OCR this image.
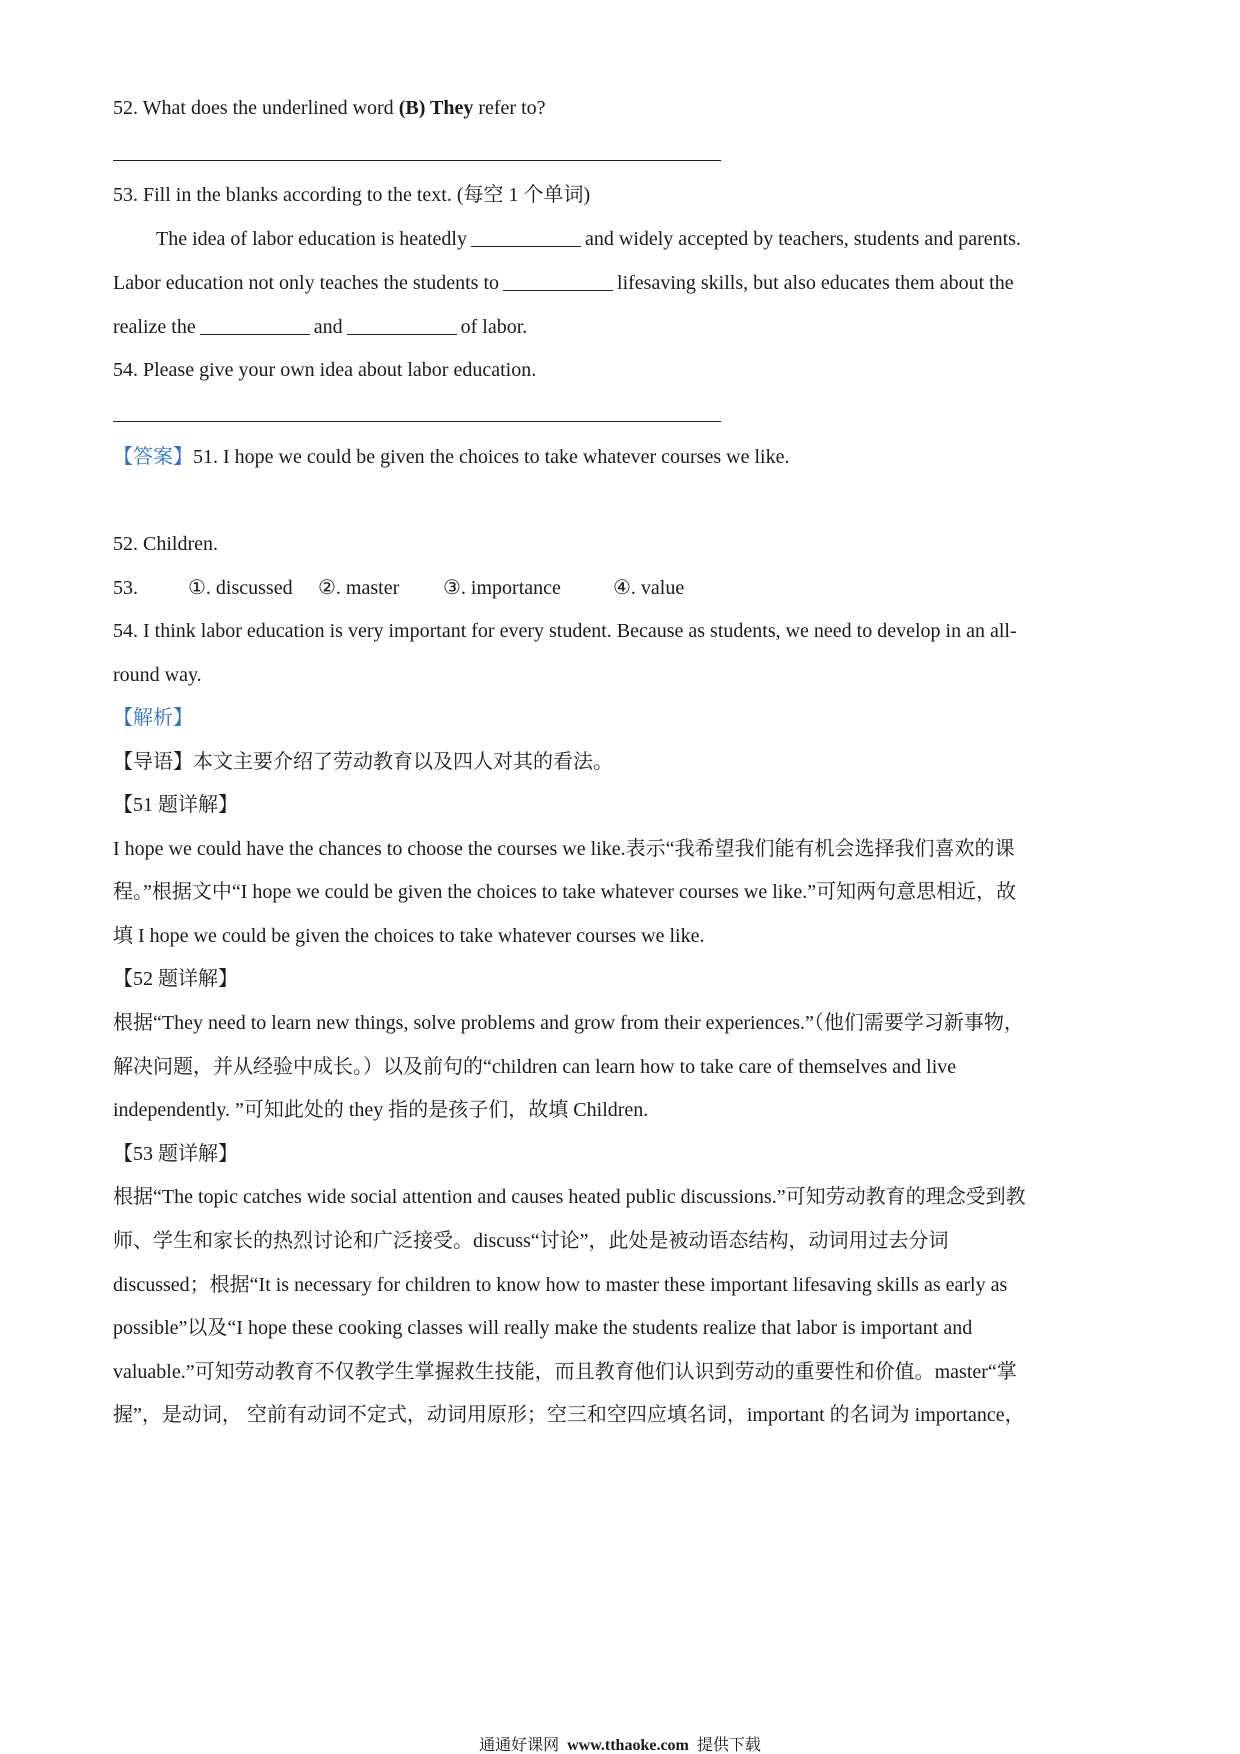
52. What does the underlined word (B) They refer to?
53. Fill in the blanks according to the text. (每空 1 个单词)
The idea of labor education is heatedly	and widely accepted by teachers, students and parents.
Labor education not only teaches the students to	lifesaving skills, but also educates them about the
realize the	and	of labor.
54. Please give your own idea about labor education.
【答案】51. I hope we could be given the choices to take whatever courses we like.
52. Children.
53.	①. discussed ②. master ③. importance	④. value
54. I think labor education is very important for every student. Because as students, we need to develop in an all-
round way.
【解析】
【导语】本文主要介绍了劳动教育以及四人对其的看法。
【51 题详解】
I hope we could have the chances to choose the courses we like.表示“我希望我们能有机会选择我们喜欢的课
程。”根据文中“I hope we could be given the choices to take whatever courses we like.”可知两句意思相近，故
填 I hope we could be given the choices to take whatever courses we like.
【52 题详解】
根据“They need to learn new things, solve problems and grow from their experiences.”（他们需要学习新事物，
解决问题，并从经验中成长。）以及前句的“children can learn how to take care of themselves and live
independently. ”可知此处的 they 指的是孩子们，故填 Children.
【53 题详解】
根据“The topic catches wide social attention and causes heated public discussions.”可知劳动教育的理念受到教
师、学生和家长的热烈讨论和广泛接受。discuss“讨论”，此处是被动语态结构，动词用过去分词
discussed；根据“It is necessary for children to know how to master these important lifesaving skills as early as
possible”以及“I hope these cooking classes will really make the students realize that labor is important and
valuable.”可知劳动教育不仅教学生掌握救生技能，而且教育他们认识到劳动的重要性和价值。master“掌
握”，是动词， 空前有动词不定式，动词用原形；空三和空四应填名词，important 的名词为 importance，
通通好课网 www.tthaoke.com 提供下载
